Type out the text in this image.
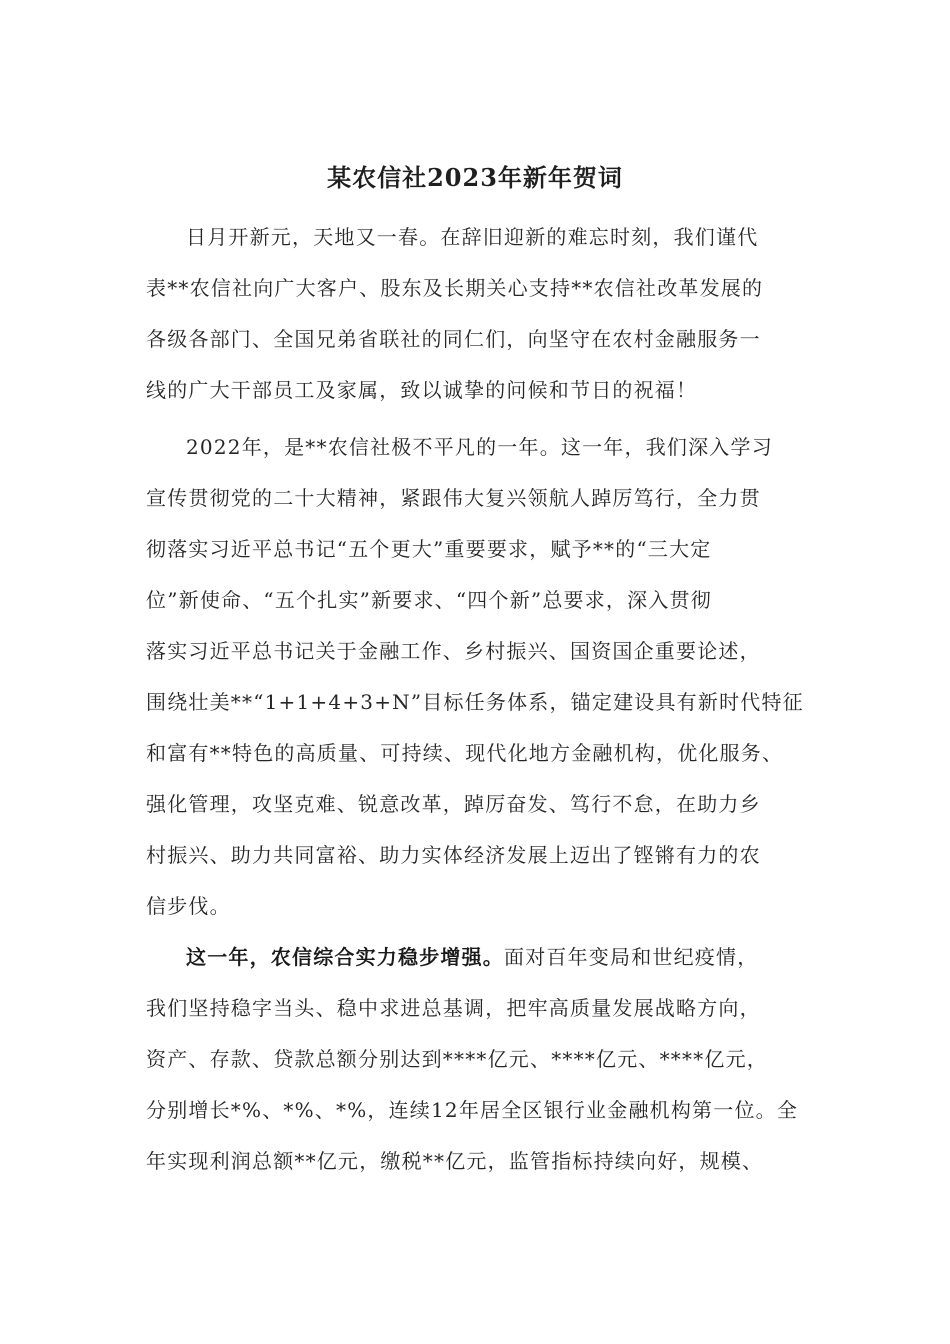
某农信社2023年新年贺词

日月开新元，天地又一春。在辞旧迎新的难忘时刻，我们谨代
表**农信社向广大客户、股东及长期关心支持**农信社改革发展的
各级各部门、全国兄弟省联社的同仁们，向坚守在农村金融服务一
线的广大干部员工及家属，致以诚挚的问候和节日的祝福！

2022年，是**农信社极不平凡的一年。这一年，我们深入学习
宣传贯彻党的二十大精神，紧跟伟大复兴领航人踔厉笃行，全力贯
彻落实习近平总书记“五个更大”重要要求，赋予**的“三大定
位”新使命、“五个扎实”新要求、“四个新”总要求，深入贯彻
落实习近平总书记关于金融工作、乡村振兴、国资国企重要论述，
围绕壮美**“1+1+4+3+N”目标任务体系，锚定建设具有新时代特征
和富有**特色的高质量、可持续、现代化地方金融机构，优化服务、
强化管理，攻坚克难、锐意改革，踔厉奋发、笃行不怠，在助力乡
村振兴、助力共同富裕、助力实体经济发展上迈出了铿锵有力的农
信步伐。

这一年，农信综合实力稳步增强。面对百年变局和世纪疫情，
我们坚持稳字当头、稳中求进总基调，把牢高质量发展战略方向，
资产、存款、贷款总额分别达到****亿元、****亿元、****亿元，
分别增长*%、*%、*%，连续12年居全区银行业金融机构第一位。全
年实现利润总额**亿元，缴税**亿元，监管指标持续向好，规模、
